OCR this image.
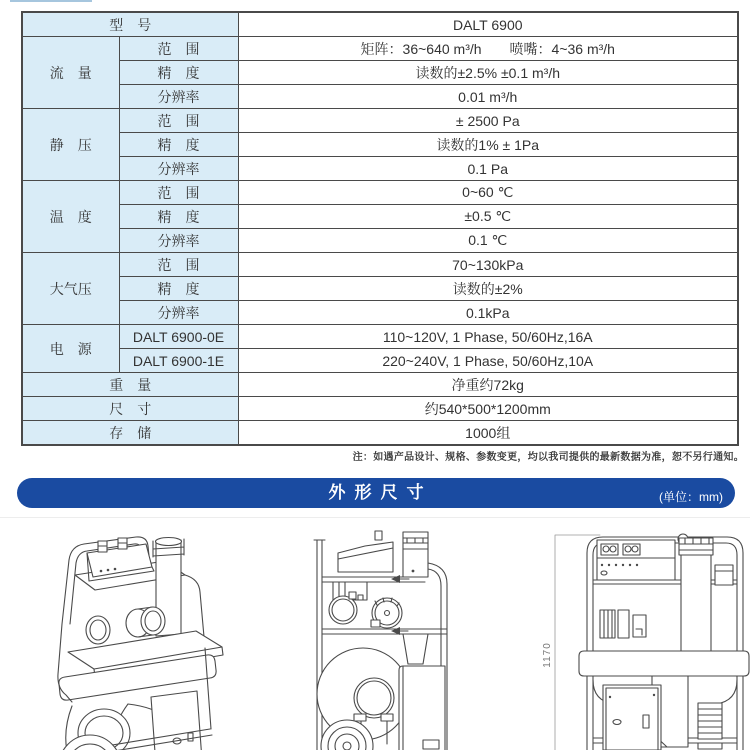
型　号		DALT 6900
流　量	范　围	矩阵：36~640 m³/h　　喷嘴：4~36 m³/h
	精　度	读数的±2.5% ±0.1 m³/h
	分辨率	0.01 m³/h
静　压	范　围	± 2500 Pa
	精　度	读数的1% ± 1Pa
	分辨率	0.1 Pa
温　度	范　围	0~60 ℃
	精　度	±0.5 ℃
	分辨率	0.1 ℃
大气压	范　围	70~130kPa
	精　度	读数的±2%
	分辨率	0.1kPa
电　源	DALT 6900-0E	110~120V, 1 Phase, 50/60Hz,16A
	DALT 6900-1E	220~240V, 1 Phase, 50/60Hz,10A
重　量		净重约72kg
尺　寸		约540*500*1200mm
存　储		1000组
注：如遇产品设计、规格、参数变更，均以我司提供的最新数据为准，恕不另行通知。
外形尺寸	(单位：mm)
1170
